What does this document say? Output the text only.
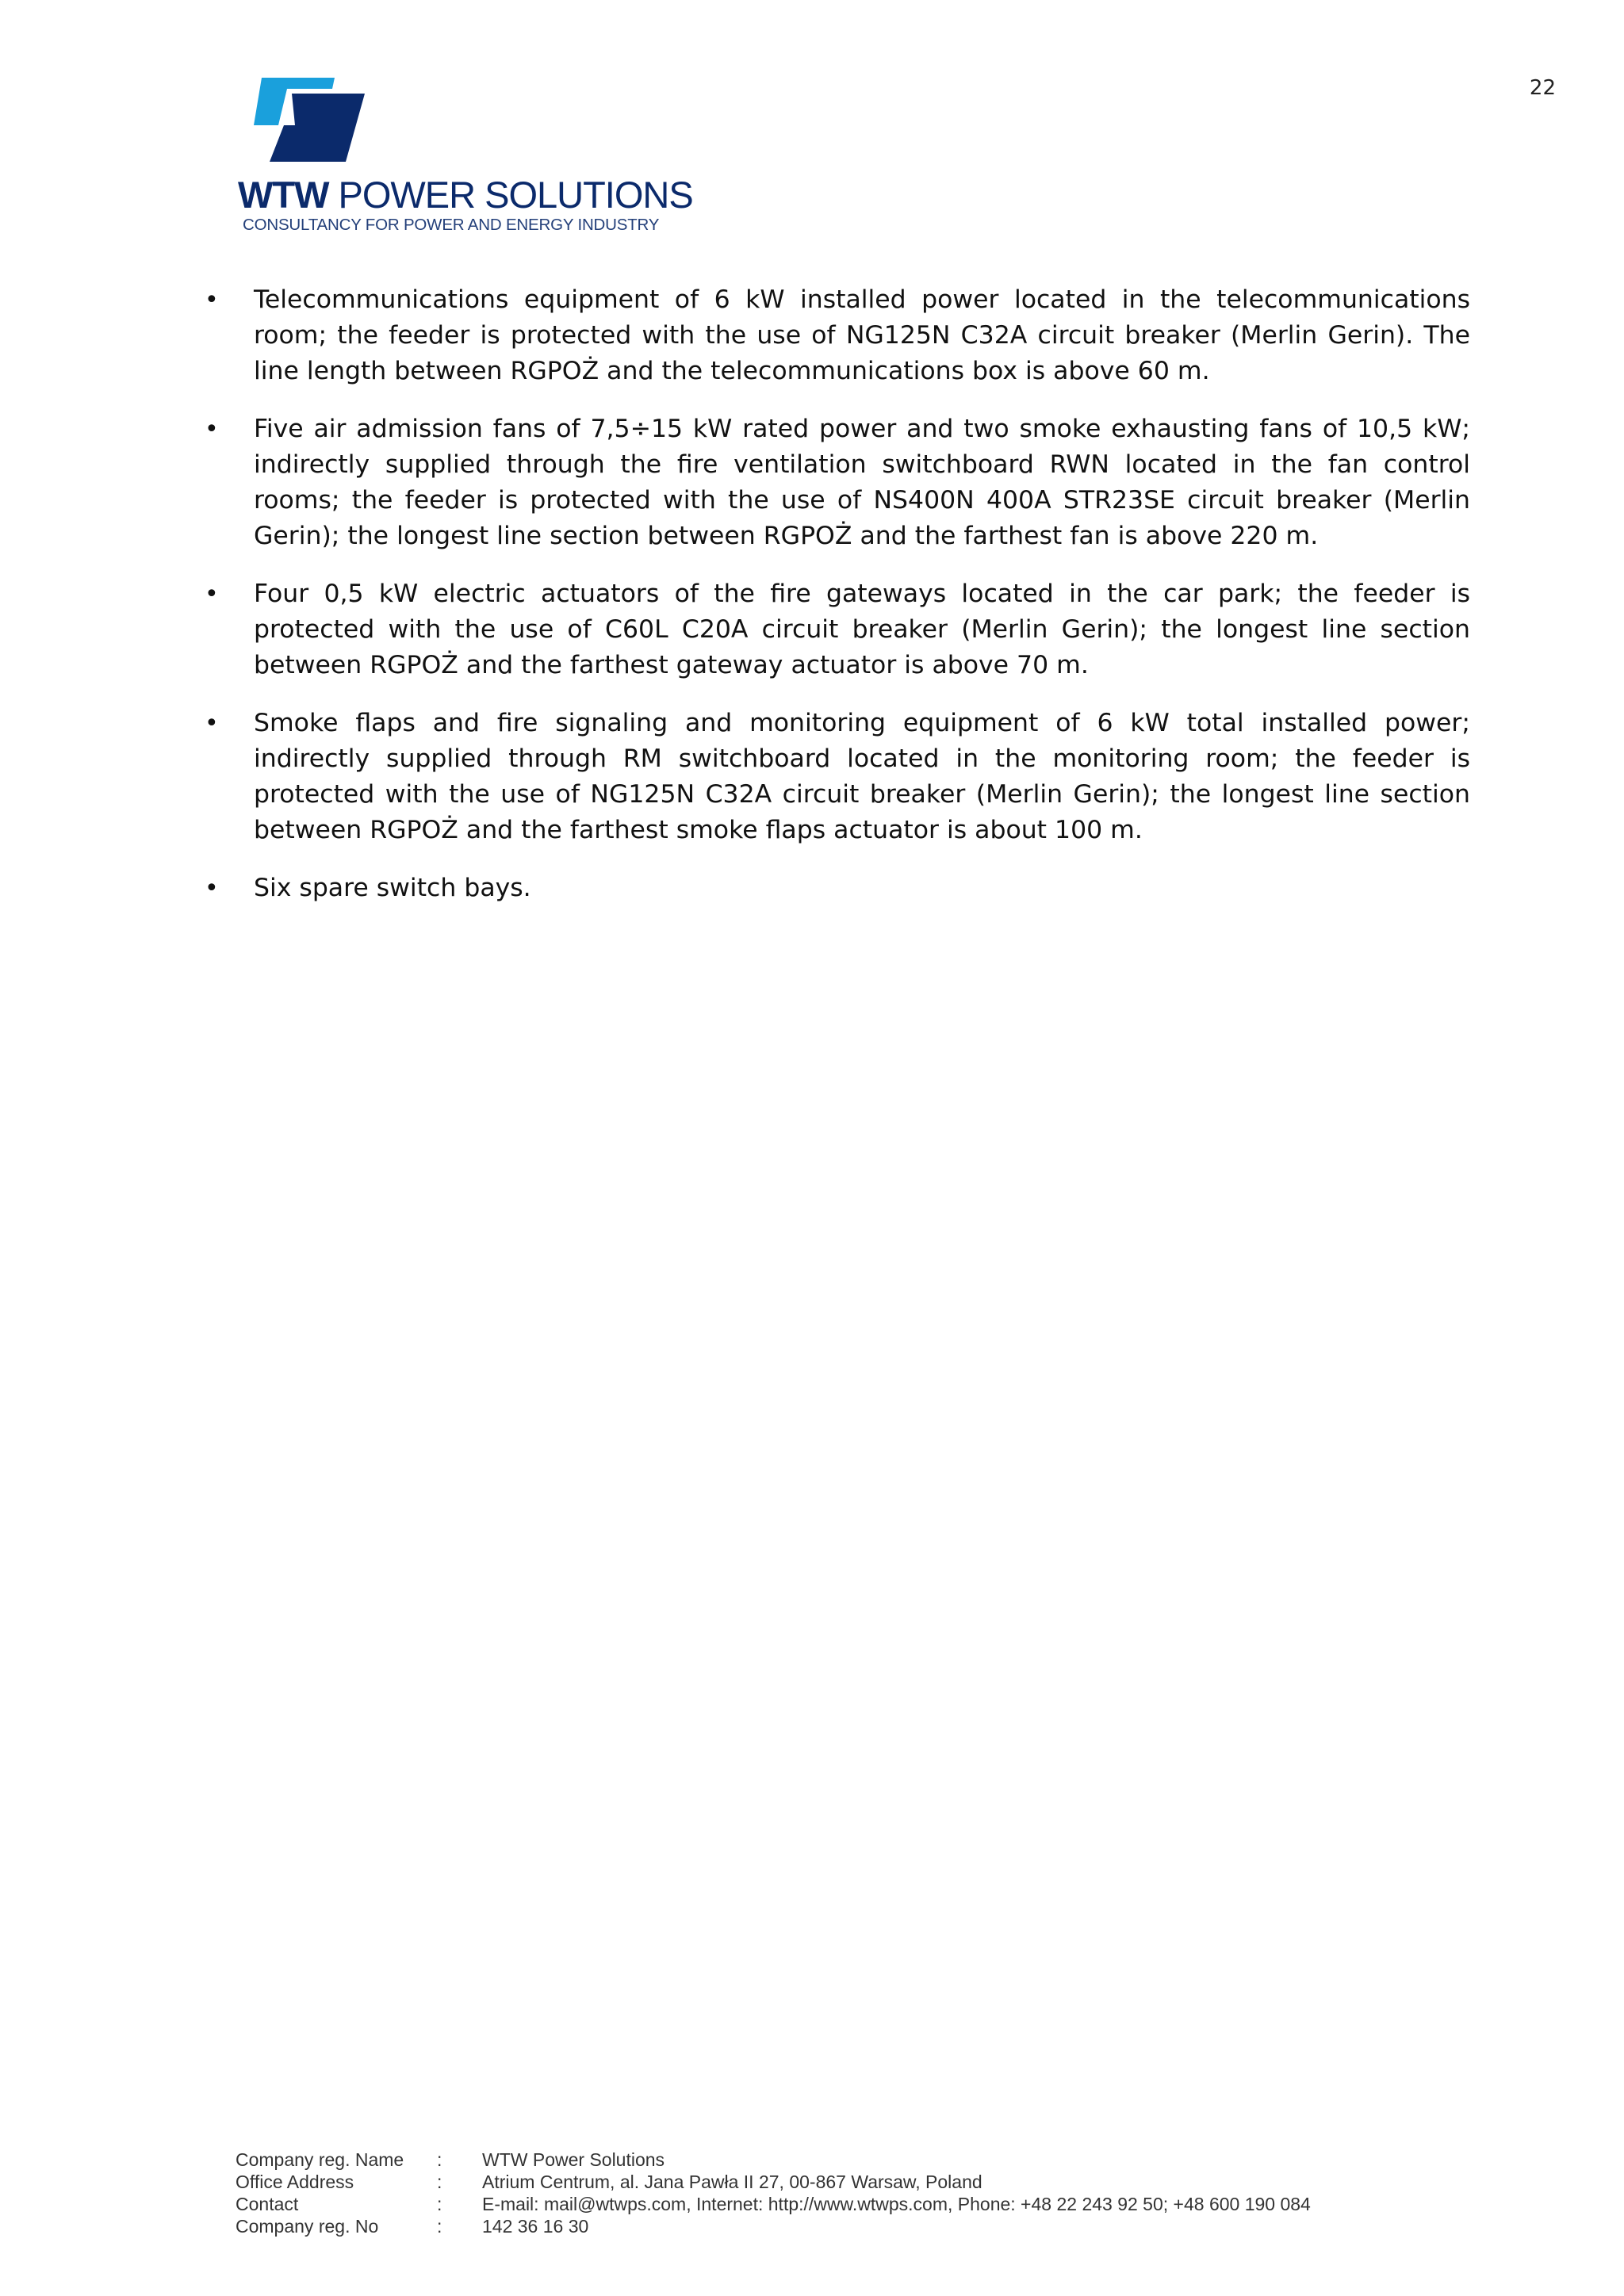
22
WTW POWER SOLUTIONS
CONSULTANCY FOR POWER AND ENERGY INDUSTRY
• Telecommunications equipment of 6 kW installed power located in the telecommunications room; the feeder is protected with the use of NG125N C32A circuit breaker (Merlin Gerin). The line length between RGPOŻ and the telecommunications box is above 60 m.
• Five air admission fans of 7,5÷15 kW rated power and two smoke exhausting fans of 10,5 kW; indirectly supplied through the fire ventilation switchboard RWN located in the fan control rooms; the feeder is protected with the use of NS400N 400A STR23SE circuit breaker (Merlin Gerin); the longest line section between RGPOŻ and the farthest fan is above 220 m.
• Four 0,5 kW electric actuators of the fire gateways located in the car park; the feeder is protected with the use of C60L C20A circuit breaker (Merlin Gerin); the longest line section between RGPOŻ and the farthest gateway actuator is above 70 m.
• Smoke flaps and fire signaling and monitoring equipment of 6 kW total installed power; indirectly supplied through RM switchboard located in the monitoring room; the feeder is protected with the use of NG125N C32A circuit breaker (Merlin Gerin); the longest line section between RGPOŻ and the farthest smoke flaps actuator is about 100 m.
• Six spare switch bays.
Company reg. Name	:	WTW Power Solutions
Office Address	:	Atrium Centrum, al. Jana Pawła II 27, 00-867 Warsaw, Poland
Contact	:	E-mail: mail@wtwps.com, Internet: http://www.wtwps.com, Phone: +48 22 243 92 50; +48 600 190 084
Company reg. No	:	142 36 16 30
